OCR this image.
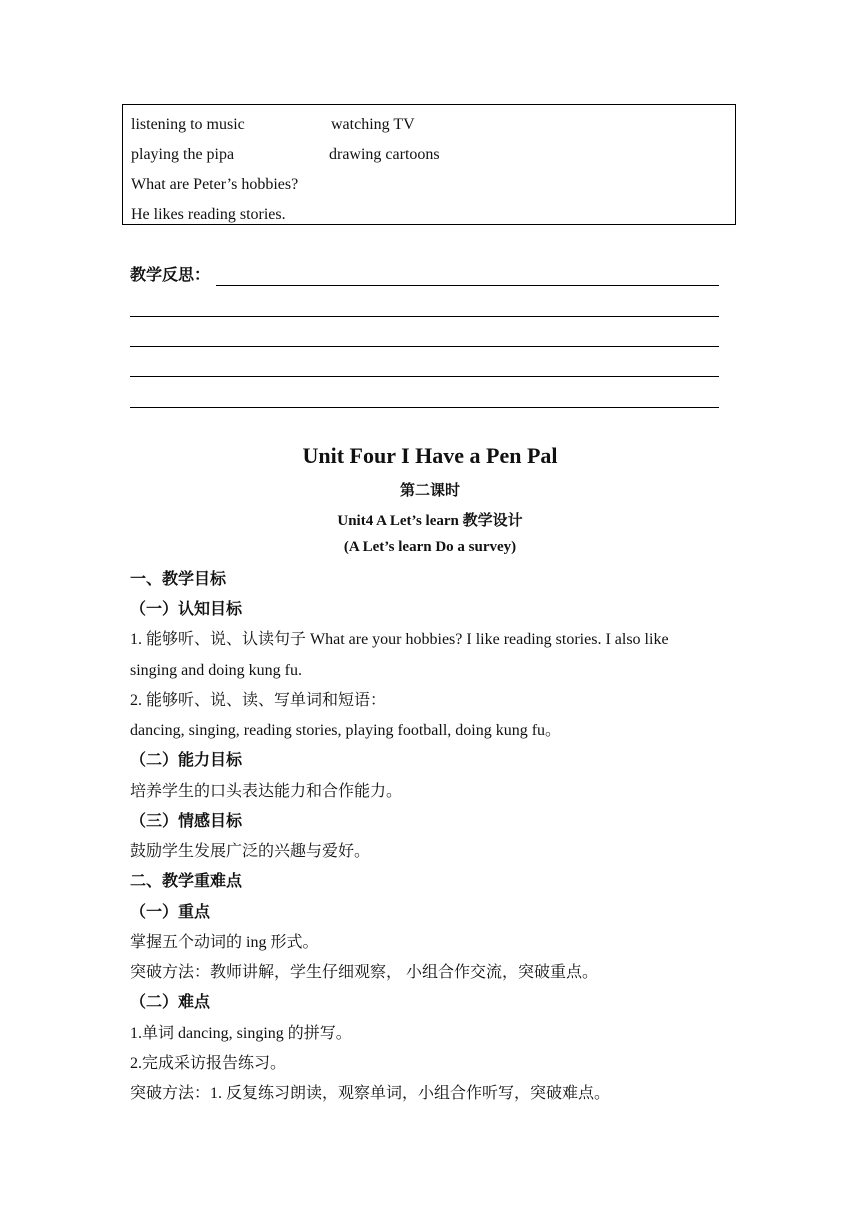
listening to music	watching TV
playing the pipa	drawing cartoons
What are Peter’s hobbies?
He likes reading stories.
教学反思：
Unit Four I Have a Pen Pal
第二课时
Unit4 A Let’s learn 教学设计
(A Let’s learn Do a survey)
一、教学目标
（一）认知目标
1. 能够听、说、认读句子 What are your hobbies? I like reading stories. I also like
singing and doing kung fu.
2. 能够听、说、读、写单词和短语：
dancing, singing, reading stories, playing football, doing kung fu。
（二）能力目标
培养学生的口头表达能力和合作能力。
（三）情感目标
鼓励学生发展广泛的兴趣与爱好。
二、教学重难点
（一）重点
掌握五个动词的 ing 形式。
突破方法：教师讲解，学生仔细观察， 小组合作交流，突破重点。
（二）难点
1.单词 dancing, singing 的拼写。
2.完成采访报告练习。
突破方法：1. 反复练习朗读，观察单词，小组合作听写，突破难点。
